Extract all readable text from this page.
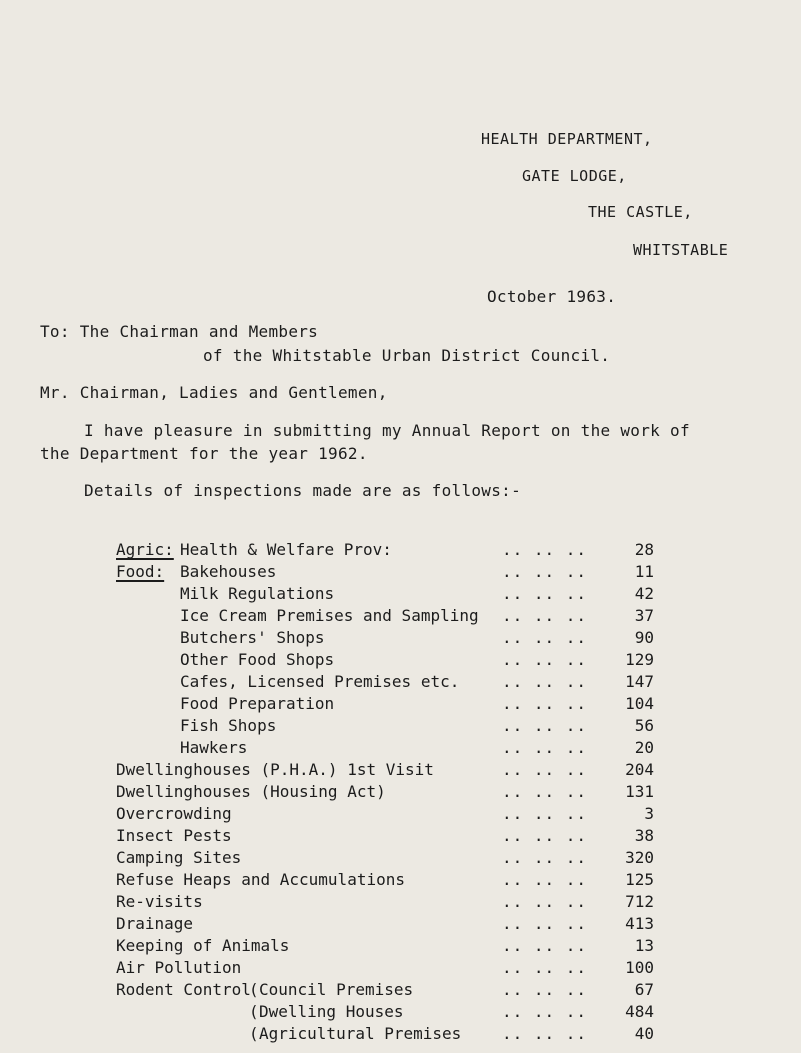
HEALTH DEPARTMENT,
GATE LODGE,
THE CASTLE,
WHITSTABLE
October 1963.
To: The Chairman and Members
of the Whitstable Urban District Council.
Mr. Chairman, Ladies and Gentlemen,
I have pleasure in submitting my Annual Report on the work of
the Department for the year 1962.
Details of inspections made are as follows:-
Agric: Health & Welfare Prov:	.. .. ..	28
Food: Bakehouses	.. .. ..	11
Milk Regulations	.. .. ..	42
Ice Cream Premises and Sampling .. .. ..	37
Butchers' Shops	.. .. ..	90
Other Food Shops	.. .. .. 129
Cafes, Licensed Premises etc.	.. .. .. 147
Food Preparation	.. .. .. 104
Fish Shops	.. .. ..	56
Hawkers	.. .. ..	20
Dwellinghouses (P.H.A.) 1st Visit	.. .. .. 204
Dwellinghouses (Housing Act)	.. .. .. 131
Overcrowding	.. .. ..	3
Insect Pests	.. .. ..	38
Camping Sites	.. .. .. 320
Refuse Heaps and Accumulations	.. .. .. 125
Re-visits	.. .. .. 712
Drainage	.. .. .. 413
Keeping of Animals	.. .. ..	13
Air Pollution	.. .. .. 100
Rodent Control
( Council Premises	.. .. ..	67
( Dwelling Houses	.. .. .. 484
( Agricultural Premises	.. .. ..	40
